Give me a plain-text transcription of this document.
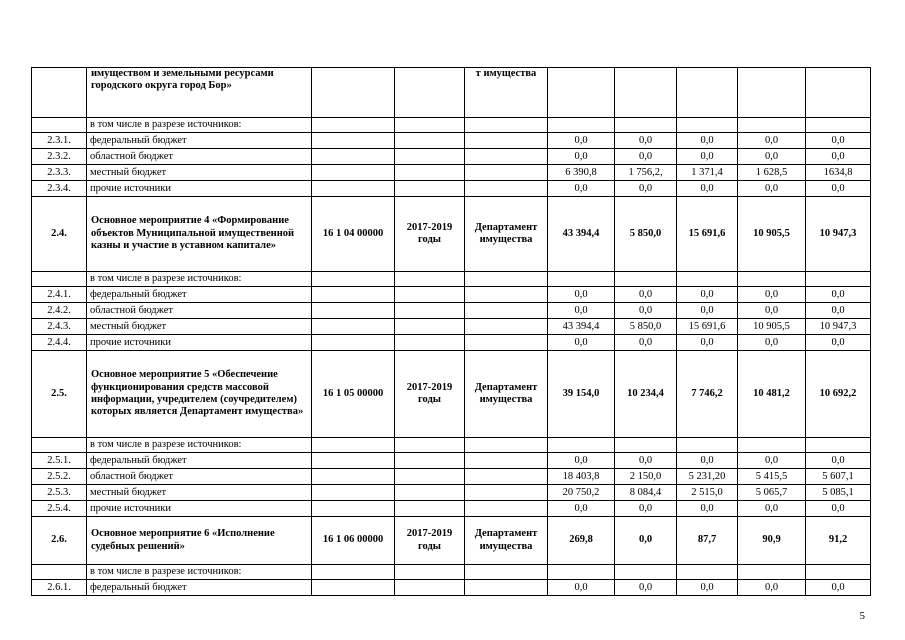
	имуществом и земельными ресурсами городского округа город Бор»			т имущества					
	в том числе в разрезе источников:								
2.3.1.	федеральный бюджет				0,0	0,0	0,0	0,0	0,0
2.3.2.	областной бюджет				0,0	0,0	0,0	0,0	0,0
2.3.3.	местный бюджет				6 390,8	1 756,2,	1 371,4	1 628,5	1634,8
2.3.4.	прочие источники				0,0	0,0	0,0	0,0	0,0
2.4.	Основное мероприятие 4 «Формирование объектов Муниципальной имущественной казны и участие в уставном капитале»	16 1 04 00000	2017-2019 годы	Департамент имущества	43 394,4	5 850,0	15 691,6	10 905,5	10 947,3
	в том числе в разрезе источников:								
2.4.1.	федеральный бюджет				0,0	0,0	0,0	0,0	0,0
2.4.2.	областной бюджет				0,0	0,0	0,0	0,0	0,0
2.4.3.	местный бюджет				43 394,4	5 850,0	15 691,6	10 905,5	10 947,3
2.4.4.	прочие источники				0,0	0,0	0,0	0,0	0,0
2.5.	Основное мероприятие 5 «Обеспечение функционирования средств массовой информации, учредителем (соучредителем) которых является Департамент имущества»	16 1 05 00000	2017-2019 годы	Департамент имущества	39 154,0	10 234,4	7 746,2	10 481,2	10 692,2
	в том числе в разрезе источников:								
2.5.1.	федеральный бюджет				0,0	0,0	0,0	0,0	0,0
2.5.2.	областной бюджет				18 403,8	2 150,0	5 231,20	5 415,5	5 607,1
2.5.3.	местный бюджет				20 750,2	8 084,4	2 515,0	5 065,7	5 085,1
2.5.4.	прочие источники				0,0	0,0	0,0	0,0	0,0
2.6.	Основное мероприятие 6 «Исполнение судебных решений»	16 1 06 00000	2017-2019 годы	Департамент имущества	269,8	0,0	87,7	90,9	91,2
	в том числе в разрезе источников:								
2.6.1.	федеральный бюджет				0,0	0,0	0,0	0,0	0,0
5
